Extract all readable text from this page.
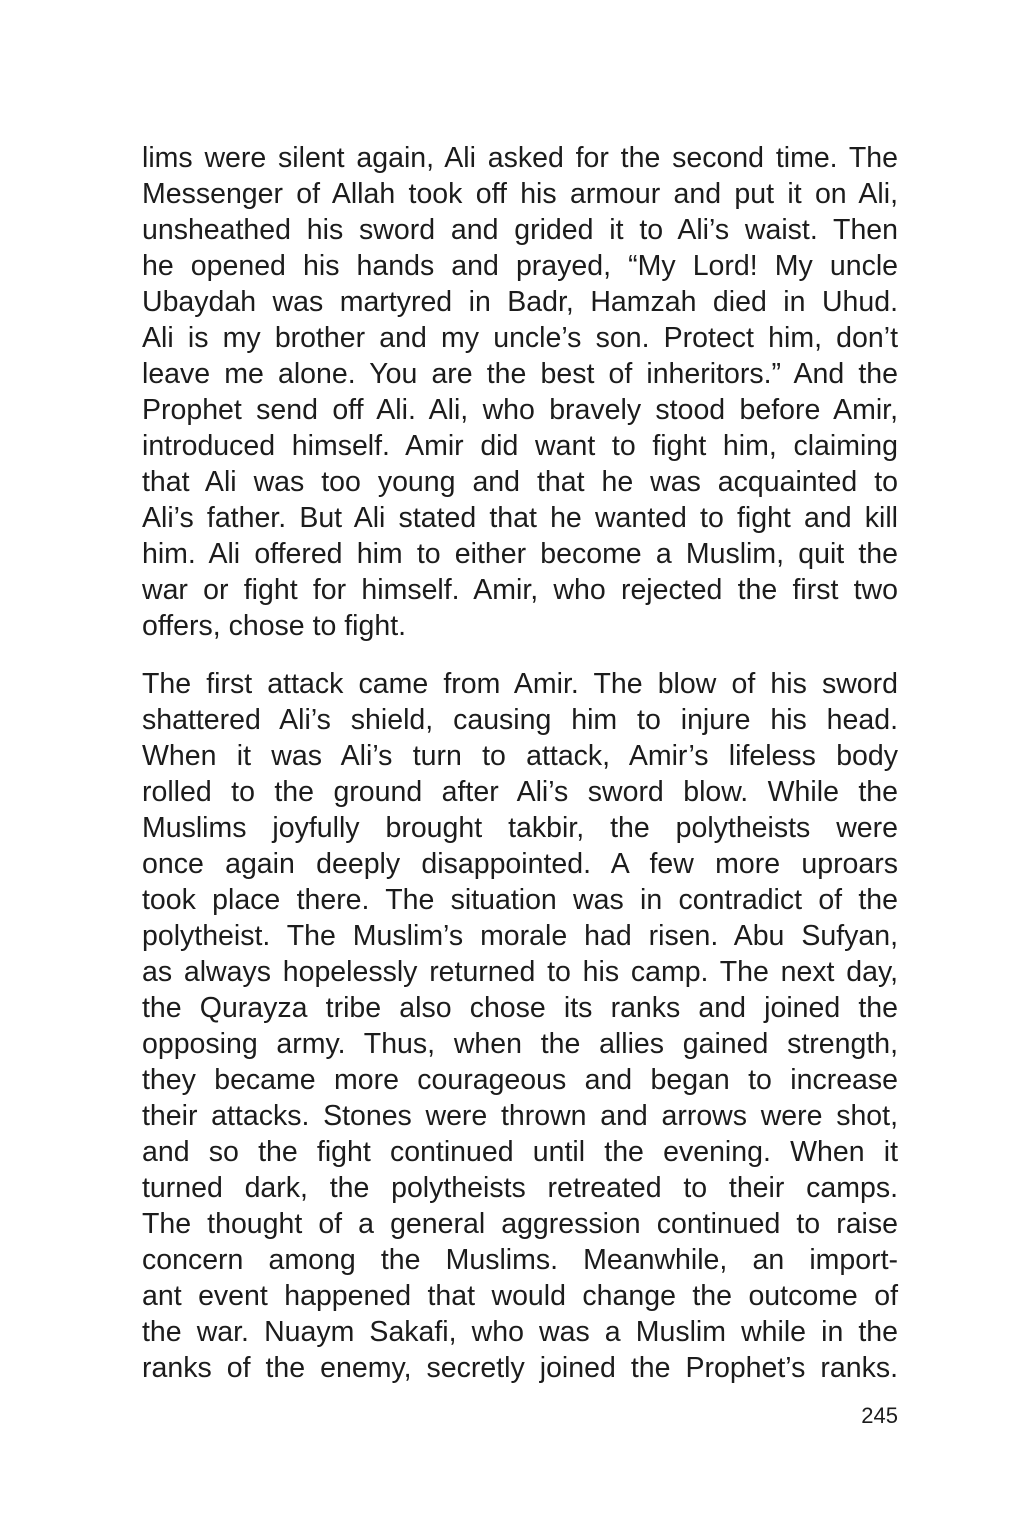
lims were silent again, Ali asked for the second time. The
Messenger of Allah took off his armour and put it on Ali,
unsheathed his sword and grided it to Ali’s waist. Then
he opened his hands and prayed, “My Lord! My uncle
Ubaydah was martyred in Badr, Hamzah died in Uhud.
Ali is my brother and my uncle’s son. Protect him, don’t
leave me alone. You are the best of inheritors.” And the
Prophet send off Ali. Ali, who bravely stood before Amir,
introduced himself. Amir did want to fight him, claiming
that Ali was too young and that he was acquainted to
Ali’s father. But Ali stated that he wanted to fight and kill
him. Ali offered him to either become a Muslim, quit the
war or fight for himself. Amir, who rejected the first two
offers, chose to fight.

The first attack came from Amir. The blow of his sword
shattered Ali’s shield, causing him to injure his head.
When it was Ali’s turn to attack, Amir’s lifeless body
rolled to the ground after Ali’s sword blow. While the
Muslims joyfully brought takbir, the polytheists were
once again deeply disappointed. A few more uproars
took place there. The situation was in contradict of the
polytheist. The Muslim’s morale had risen. Abu Sufyan,
as always hopelessly returned to his camp. The next day,
the Qurayza tribe also chose its ranks and joined the
opposing army. Thus, when the allies gained strength,
they became more courageous and began to increase
their attacks. Stones were thrown and arrows were shot,
and so the fight continued until the evening. When it
turned dark, the polytheists retreated to their camps.
The thought of a general aggression continued to raise
concern among the Muslims. Meanwhile, an import-
ant event happened that would change the outcome of
the war. Nuaym Sakafi, who was a Muslim while in the
ranks of the enemy, secretly joined the Prophet’s ranks.

245
